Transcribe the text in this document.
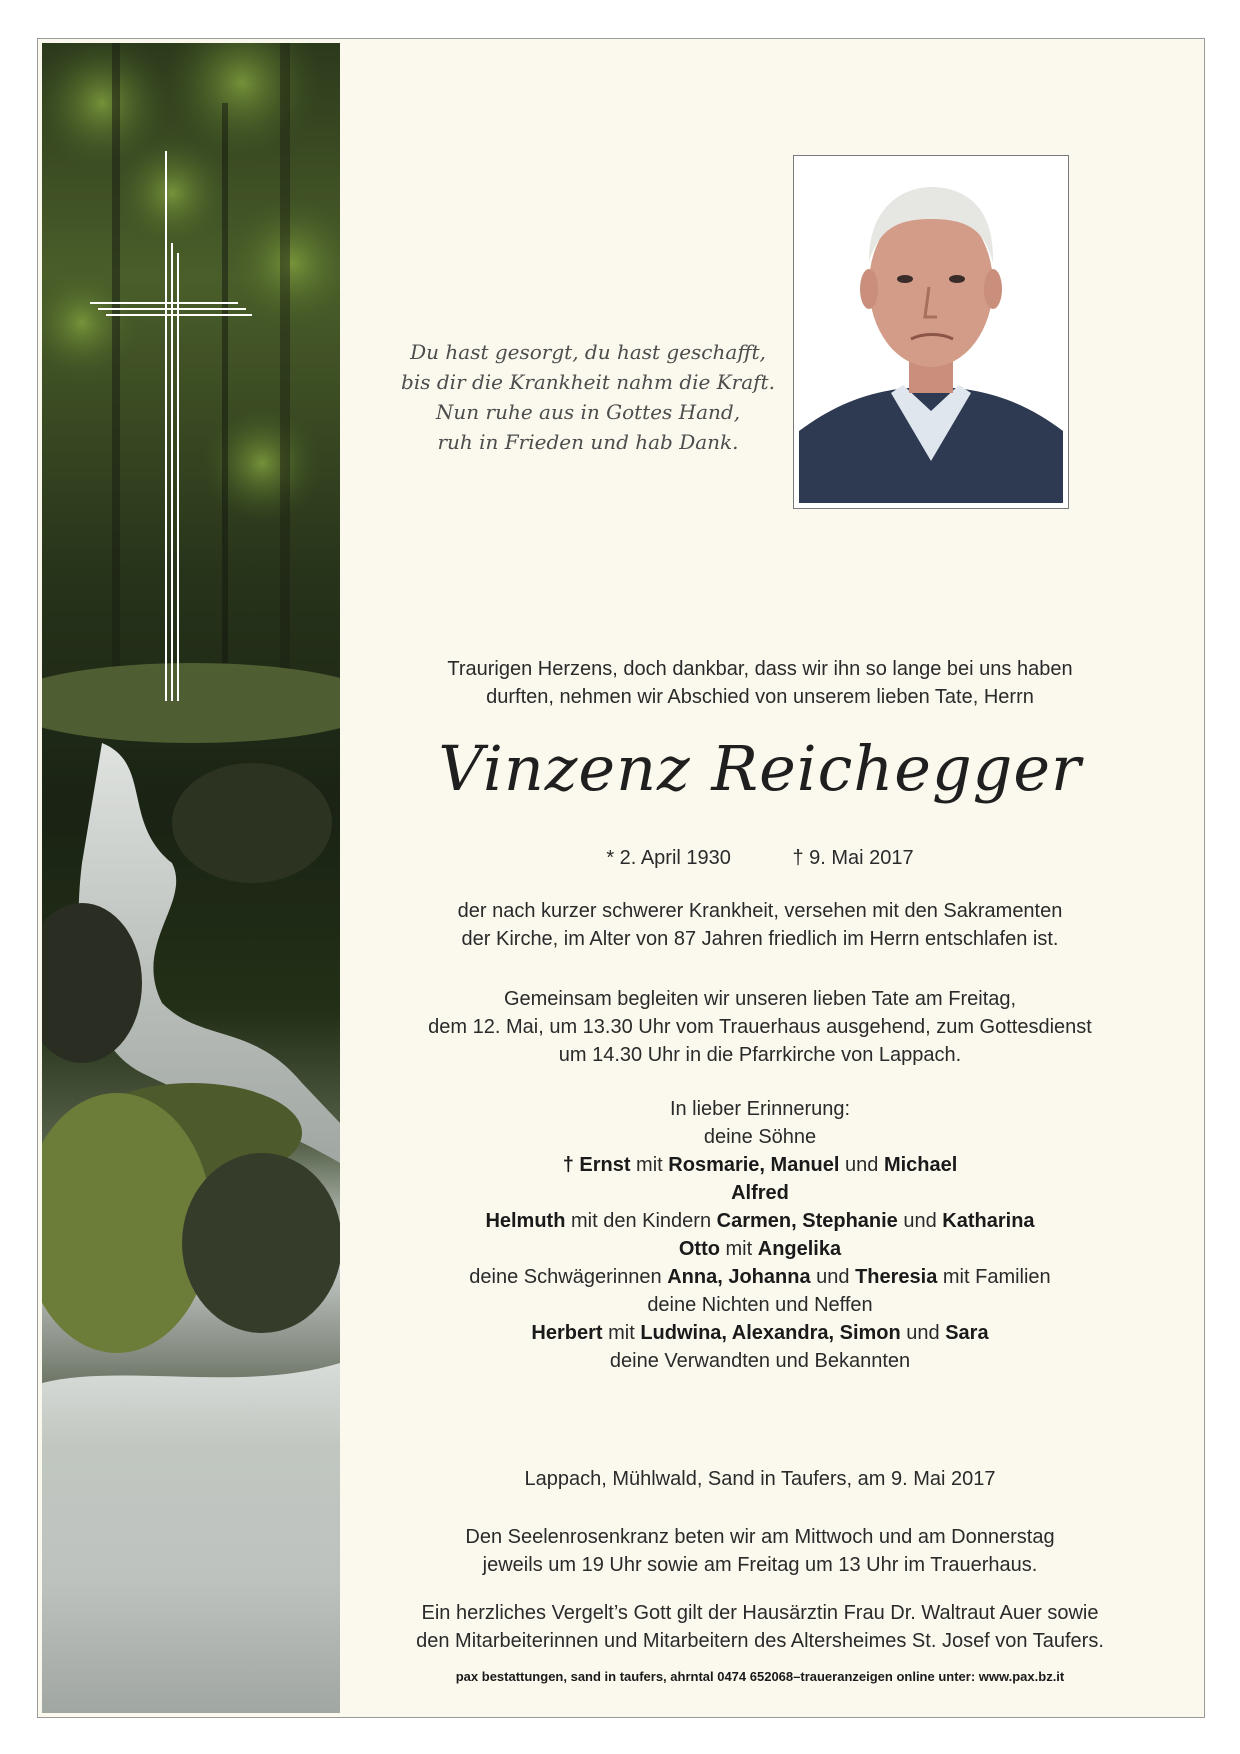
Du hast gesorgt, du hast geschafft,
bis dir die Krankheit nahm die Kraft.
Nun ruhe aus in Gottes Hand,
ruh in Frieden und hab Dank.
Traurigen Herzens, doch dankbar, dass wir ihn so lange bei uns haben
durften, nehmen wir Abschied von unserem lieben Tate, Herrn
Vinzenz Reichegger
* 2. April 1930	† 9. Mai 2017
der nach kurzer schwerer Krankheit, versehen mit den Sakramenten
der Kirche, im Alter von 87 Jahren friedlich im Herrn entschlafen ist.
Gemeinsam begleiten wir unseren lieben Tate am Freitag,
dem 12. Mai, um 13.30 Uhr vom Trauerhaus ausgehend, zum Gottesdienst
um 14.30 Uhr in die Pfarrkirche von Lappach.
In lieber Erinnerung:
deine Söhne
† Ernst mit Rosmarie, Manuel und Michael
Alfred
Helmuth mit den Kindern Carmen, Stephanie und Katharina
Otto mit Angelika
deine Schwägerinnen Anna, Johanna und Theresia mit Familien
deine Nichten und Neffen
Herbert mit Ludwina, Alexandra, Simon und Sara
deine Verwandten und Bekannten
Lappach, Mühlwald, Sand in Taufers, am 9. Mai 2017
Den Seelenrosenkranz beten wir am Mittwoch und am Donnerstag
jeweils um 19 Uhr sowie am Freitag um 13 Uhr im Trauerhaus.
Ein herzliches Vergelt’s Gott gilt der Hausärztin Frau Dr. Waltraut Auer sowie
den Mitarbeiterinnen und Mitarbeitern des Altersheimes St. Josef von Taufers.
pax bestattungen, sand in taufers, ahrntal 0474 652068–traueranzeigen online unter: www.pax.bz.it
